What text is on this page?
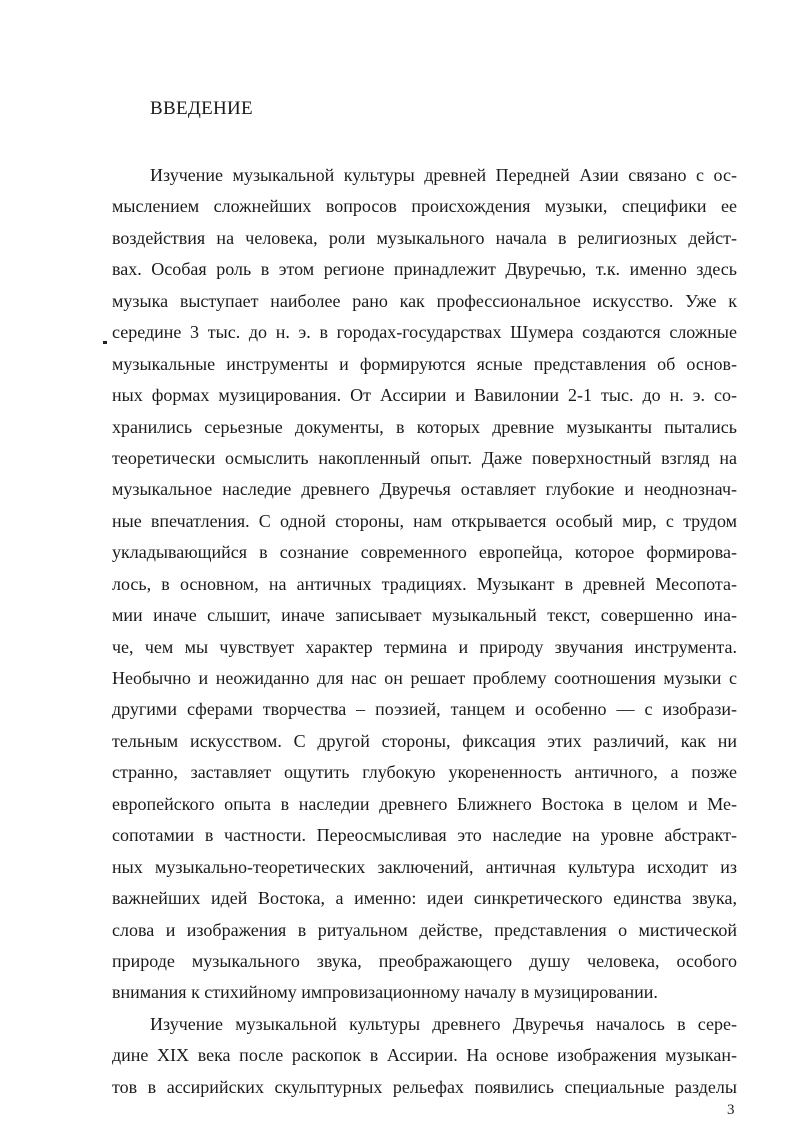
ВВЕДЕНИЕ
Изучение музыкальной культуры древней Передней Азии связано с ос-
мыслением сложнейших вопросов происхождения музыки, специфики ее
воздействия на человека, роли музыкального начала в религиозных дейст-
вах. Особая роль в этом регионе принадлежит Двуречью, т.к. именно здесь
музыка выступает наиболее рано как профессиональное искусство. Уже к
середине 3 тыс. до н. э. в городах-государствах Шумера создаются сложные
музыкальные инструменты и формируются ясные представления об основ-
ных формах музицирования. От Ассирии и Вавилонии 2-1 тыс. до н. э. со-
хранились серьезные документы, в которых древние музыканты пытались
теоретически осмыслить накопленный опыт. Даже поверхностный взгляд на
музыкальное наследие древнего Двуречья оставляет глубокие и неоднознач-
ные впечатления. С одной стороны, нам открывается особый мир, с трудом
укладывающийся в сознание современного европейца, которое формирова-
лось, в основном, на античных традициях. Музыкант в древней Месопота-
мии иначе слышит, иначе записывает музыкальный текст, совершенно ина-
че, чем мы чувствует характер термина и природу звучания инструмента.
Необычно и неожиданно для нас он решает проблему соотношения музыки с
другими сферами творчества – поэзией, танцем и особенно — с изобрази-
тельным искусством. С другой стороны, фиксация этих различий, как ни
странно, заставляет ощутить глубокую укорененность античного, а позже
европейского опыта в наследии древнего Ближнего Востока в целом и Ме-
сопотамии в частности. Переосмысливая это наследие на уровне абстракт-
ных музыкально-теоретических заключений, античная культура исходит из
важнейших идей Востока, а именно: идеи синкретического единства звука,
слова и изображения в ритуальном действе, представления о мистической
природе музыкального звука, преображающего душу человека, особого
внимания к стихийному импровизационному началу в музицировании.
Изучение музыкальной культуры древнего Двуречья началось в сере-
дине XIX века после раскопок в Ассирии. На основе изображения музыкан-
тов в ассирийских скульптурных рельефах появились специальные разделы
3
